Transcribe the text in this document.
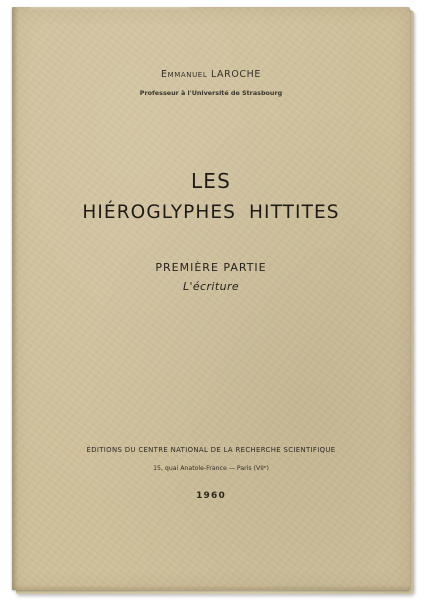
Emmanuel LAROCHE
Professeur à l'Université de Strasbourg
LES
HIÉROGLYPHES HITTITES
PREMIÈRE PARTIE
L'écriture
ÉDITIONS DU CENTRE NATIONAL DE LA RECHERCHE SCIENTIFIQUE
15, quai Anatole-France — Paris (VIIᵉ)
1960
